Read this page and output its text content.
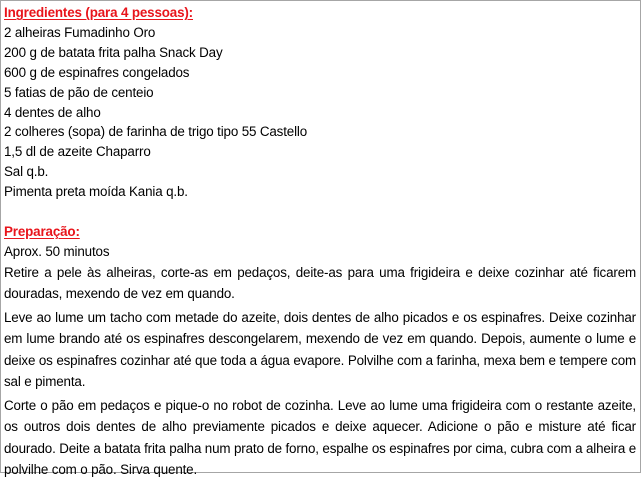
Ingredientes (para 4 pessoas):
2 alheiras Fumadinho Oro
200 g de batata frita palha Snack Day
600 g de espinafres congelados
5 fatias de pão de centeio
4 dentes de alho
2 colheres (sopa) de farinha de trigo tipo 55 Castello
1,5 dl de azeite Chaparro
Sal q.b.
Pimenta preta moída Kania q.b.
Preparação:
Aprox. 50 minutos
Retire a pele às alheiras, corte-as em pedaços, deite-as para uma frigideira e deixe cozinhar até ficarem douradas, mexendo de vez em quando.
Leve ao lume um tacho com metade do azeite, dois dentes de alho picados e os espinafres. Deixe cozinhar em lume brando até os espinafres descongelarem, mexendo de vez em quando. Depois, aumente o lume e deixe os espinafres cozinhar até que toda a água evapore. Polvilhe com a farinha, mexa bem e tempere com sal e pimenta.
Corte o pão em pedaços e pique-o no robot de cozinha. Leve ao lume uma frigideira com o restante azeite, os outros dois dentes de alho previamente picados e deixe aquecer. Adicione o pão e misture até ficar dourado. Deite a batata frita palha num prato de forno, espalhe os espinafres por cima, cubra com a alheira e polvilhe com o pão. Sirva quente.
